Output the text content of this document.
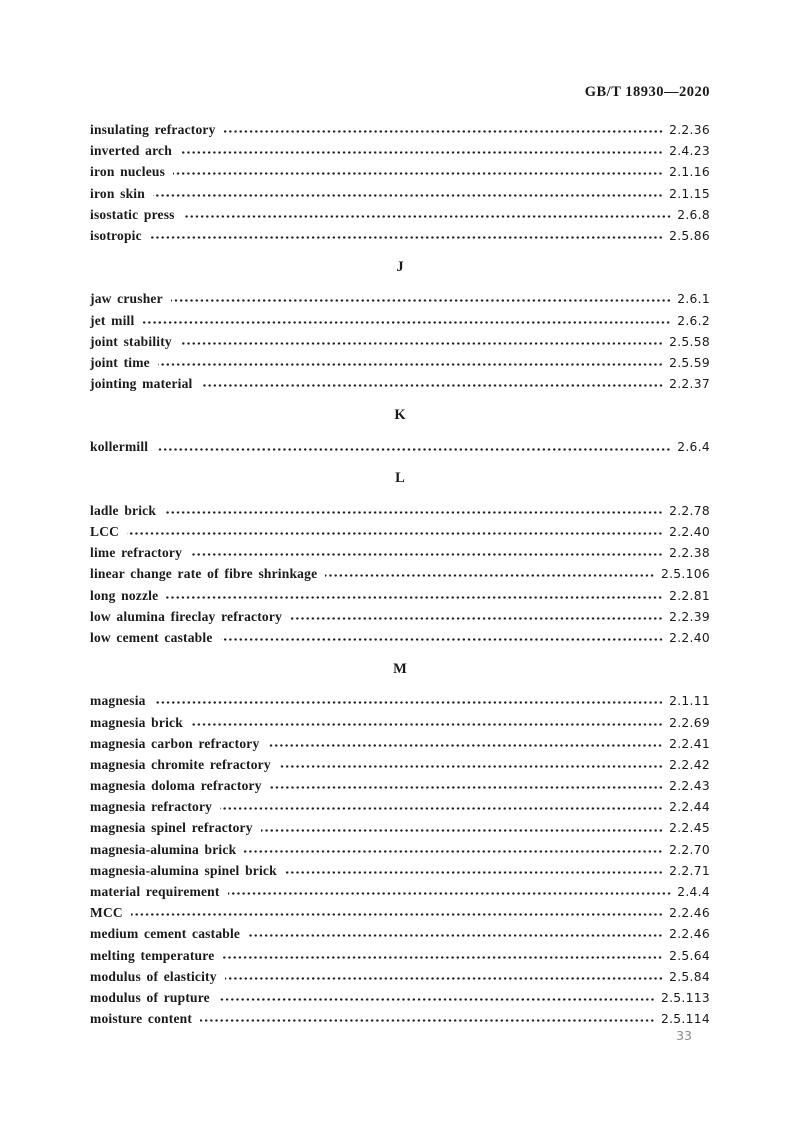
GB/T 18930—2020
insulating refractory	2.2.36
inverted arch	2.4.23
iron nucleus	2.1.16
iron skin	2.1.15
isostatic press	2.6.8
isotropic	2.5.86
J
jaw crusher	2.6.1
jet mill	2.6.2
joint stability	2.5.58
joint time	2.5.59
jointing material	2.2.37
K
kollermill	2.6.4
L
ladle brick	2.2.78
LCC	2.2.40
lime refractory	2.2.38
linear change rate of fibre shrinkage	2.5.106
long nozzle	2.2.81
low alumina fireclay refractory	2.2.39
low cement castable	2.2.40
M
magnesia	2.1.11
magnesia brick	2.2.69
magnesia carbon refractory	2.2.41
magnesia chromite refractory	2.2.42
magnesia doloma refractory	2.2.43
magnesia refractory	2.2.44
magnesia spinel refractory	2.2.45
magnesia-alumina brick	2.2.70
magnesia-alumina spinel brick	2.2.71
material requirement	2.4.4
MCC	2.2.46
medium cement castable	2.2.46
melting temperature	2.5.64
modulus of elasticity	2.5.84
modulus of rupture	2.5.113
moisture content	2.5.114
33
